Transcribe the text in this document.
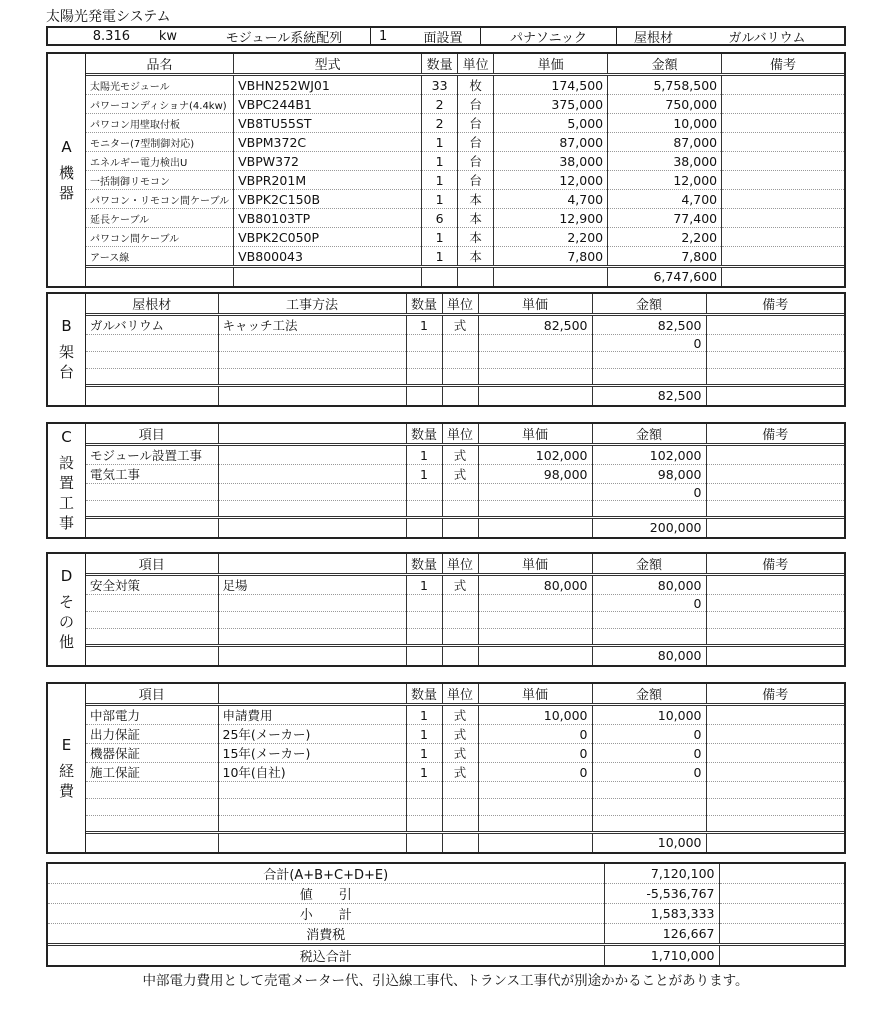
太陽光発電システム
8.316	kw	モジュール系統配列	1	面設置	パナソニック	屋根材	ガルバリウム
A
機
器
品名	型式	数量	単位	単価	金額	備考
太陽光モジュール	VBHN252WJ01	33	枚	174,500	5,758,500	
パワーコンディショナ(4.4kw)	VBPC244B1	2	台	375,000	750,000	
パワコン用壁取付板	VB8TU55ST	2	台	5,000	10,000	
モニター(7型制御対応)	VBPM372C	1	台	87,000	87,000	
エネルギー電力検出U	VBPW372	1	台	38,000	38,000	
一括制御リモコン	VBPR201M	1	台	12,000	12,000	
パワコン・リモコン間ケーブル	VBPK2C150B	1	本	4,700	4,700	
延長ケーブル	VB80103TP	6	本	12,900	77,400	
パワコン間ケーブル	VBPK2C050P	1	本	2,200	2,200	
アース線	VB800043	1	本	7,800	7,800	
					6,747,600	
B
架
台
屋根材	工事方法	数量	単位	単価	金額	備考
ガルバリウム	キャッチ工法	1	式	82,500	82,500	
					0	

					82,500	
C
設
置
工
事
項目		数量	単位	単価	金額	備考
モジュール設置工事		1	式	102,000	102,000	
電気工事		1	式	98,000	98,000	
					0	

					200,000	
D
そ
の
他
項目		数量	単位	単価	金額	備考
安全対策	足場	1	式	80,000	80,000	
					0	

					80,000	
E
経
費
項目		数量	単位	単価	金額	備考
中部電力	申請費用	1	式	10,000	10,000	
出力保証	25年(メーカー)	1	式	0	0	
機器保証	15年(メーカー)	1	式	0	0	
施工保証	10年(自社)	1	式	0	0	

					10,000	
合計(A+B+C+D+E)	7,120,100	
値　　引	-5,536,767	
小　　計	1,583,333	
消費税	126,667	
税込合計	1,710,000	
中部電力費用として売電メーター代、引込線工事代、トランス工事代が別途かかることがあります。
